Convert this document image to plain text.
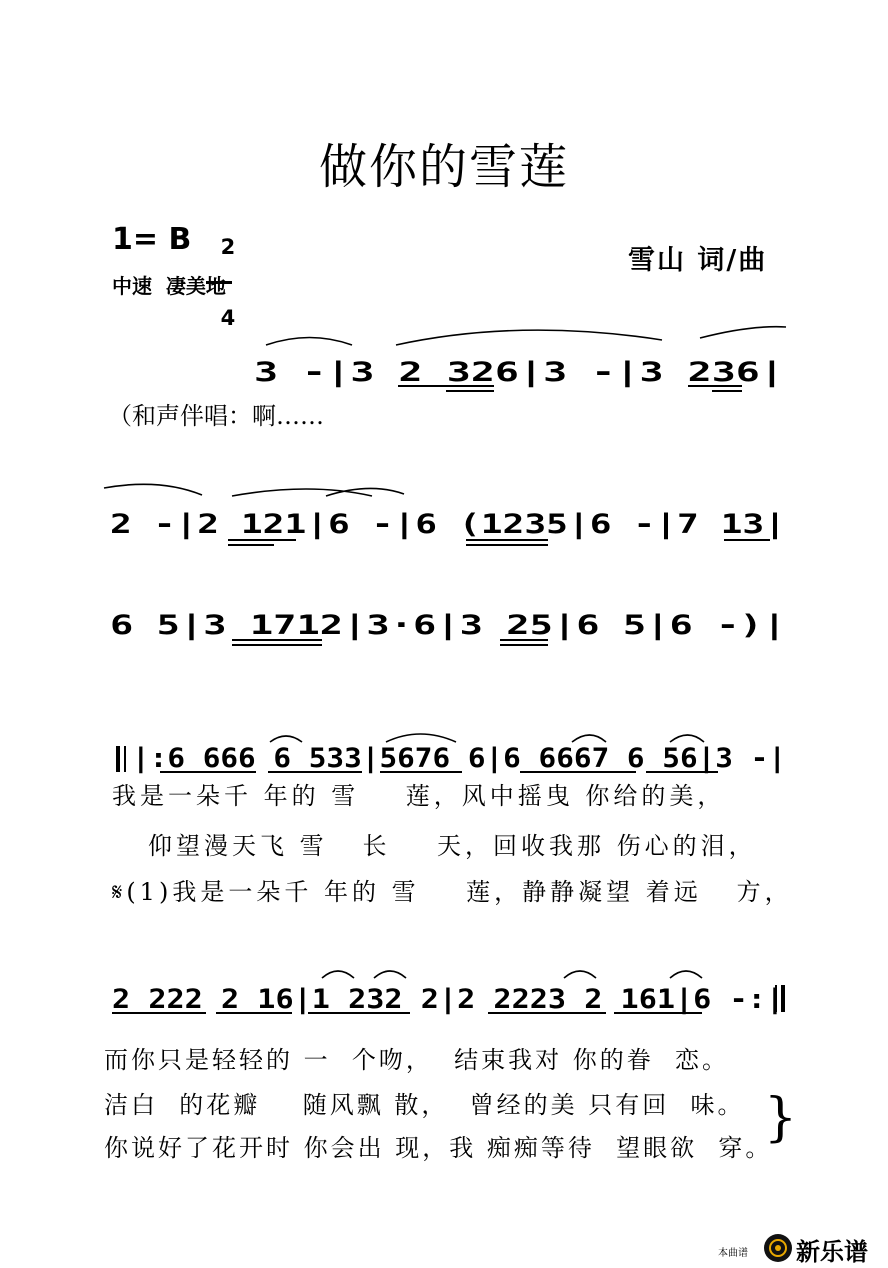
做你的雪莲
1= B	2

4

中速  凄美地
雪山 词/曲
3 -|3 2 326|3 -|3 236|
2 -|2 121|6 -|6 (1235|6 -|7 13|
6 5|3 1712|3·6|3 25|6 5|6 -)|
|:6 666 6 533|5676 6|6 6667 6 56|3 -|
2 222 2 16|1 232 2|2 2223 2 161|6 -:|
（和声伴唱：啊……
我是一朵千 年的 雪    莲，风中摇曳 你给的美，
仰望漫天飞 雪   长    天，回收我那 伤心的泪，
𝄋(1)我是一朵千 年的 雪    莲，静静凝望 着远   方，
而你只是轻轻的 一  个吻，  结束我对 你的眷  恋。
洁白  的花瓣    随风飘 散，  曾经的美 只有回  味。
你说好了花开时 你会出 现，我 痴痴等待  望眼欲  穿。
}
本曲谱 新乐谱
